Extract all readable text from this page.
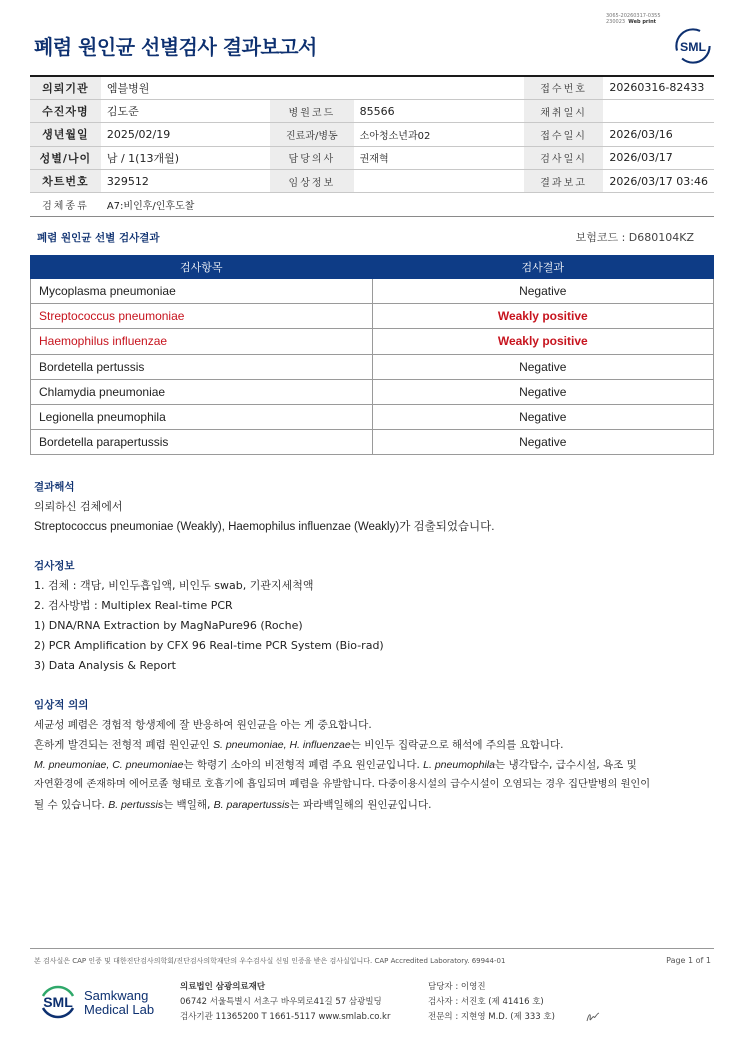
폐렴 원인균 선별검사 결과보고서
3065-20260317-0355
230023 Web print
SML
의뢰기관	엠블병원			접수번호	20260316-82433
수진자명	김도준	병원코드	85566	채취일시	
생년월일	2025/02/19	진료과/병동	소아청소년과02	접수일시	2026/03/16
성별/나이	남 / 1(13개월)	담당의사	권재혁	검사일시	2026/03/17
차트번호	329512	임상정보		결과보고	2026/03/17 03:46
검체종류	A7:비인후/인후도찰				
폐렴 원인균 선별 검사결과	보험코드 : D680104KZ
검사항목	검사결과
Mycoplasma pneumoniae	Negative
Streptococcus pneumoniae	Weakly positive
Haemophilus influenzae	Weakly positive
Bordetella pertussis	Negative
Chlamydia pneumoniae	Negative
Legionella pneumophila	Negative
Bordetella parapertussis	Negative
결과해석
의뢰하신 검체에서
Streptococcus pneumoniae (Weakly), Haemophilus influenzae (Weakly)가 검출되었습니다.
검사정보
1. 검체 : 객담, 비인두흡입액, 비인두 swab, 기관지세척액
2. 검사방법 : Multiplex Real-time PCR
1) DNA/RNA Extraction by MagNaPure96 (Roche)
2) PCR Amplification by CFX 96 Real-time PCR System (Bio-rad)
3) Data Analysis & Report
임상적 의의
세균성 폐렴은 경험적 항생제에 잘 반응하여 원인균을 아는 게 중요합니다.
흔하게 발견되는 전형적 폐렴 원인균인 S. pneumoniae, H. influenzae는 비인두 집락균으로 해석에 주의를 요합니다.
M. pneumoniae, C. pneumoniae는 학령기 소아의 비전형적 폐렴 주요 원인균입니다. L. pneumophila는 냉각탑수, 급수시설, 욕조 및
자연환경에 존재하며 에어로졸 형태로 호흡기에 흡입되며 폐렴을 유발합니다. 다중이용시설의 급수시설이 오염되는 경우 집단발병의 원인이
될 수 있습니다. B. pertussis는 백일해, B. parapertussis는 파라백일해의 원인균입니다.
본 검사실은 CAP 인증 및 대한진단검사의학회/진단검사의학재단의 우수검사실 신임 인증을 받은 검사실입니다. CAP Accredited Laboratory. 69944-01	Page 1 of 1
SML Samkwang
Medical Lab
의료법인 삼광의료재단
06742 서울특별시 서초구 바우뫼로41길 57 삼광빌딩
검사기관 11365200 T 1661-5117 www.smlab.co.kr
담당자 : 이영진
검사자 : 서진호 (제 41416 호)
전문의 : 지현영 M.D. (제 333 호)
